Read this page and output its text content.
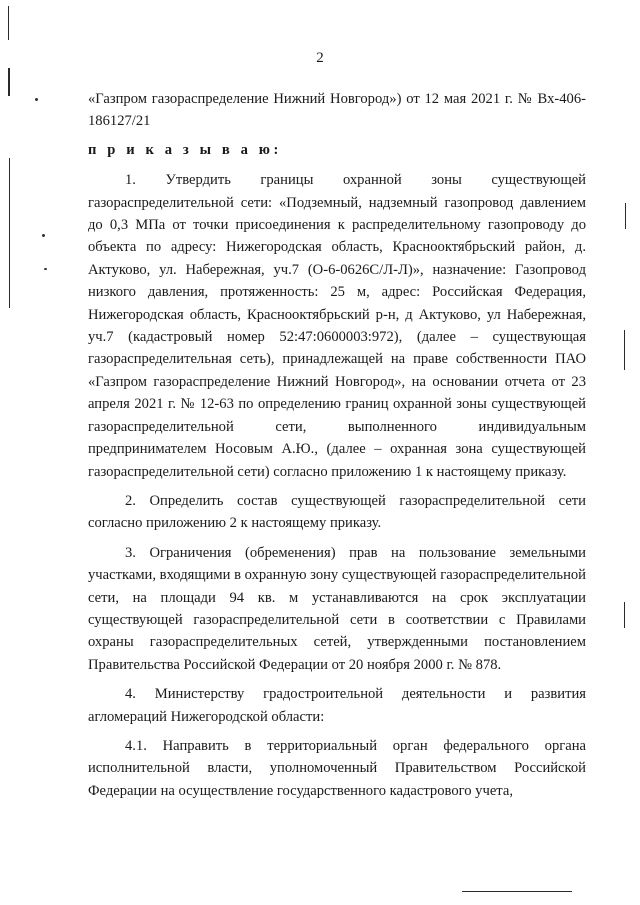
2

«Газпром газораспределение Нижний Новгород») от 12 мая 2021 г. № Вх-406-186127/21

п р и к а з ы в а ю:

1. Утвердить границы охранной зоны существующей газораспределительной сети: «Подземный, надземный газопровод давлением до 0,3 МПа от точки присоединения к распределительному газопроводу до объекта по адресу: Нижегородская область, Краснооктябрьский район, д. Актуково, ул. Набережная, уч.7 (О-6-0626С/Л-Л)», назначение: Газопровод низкого давления, протяженность: 25 м, адрес: Российская Федерация, Нижегородская область, Краснооктябрьский р-н, д Актуково, ул Набережная, уч.7 (кадастровый номер 52:47:0600003:972), (далее – существующая газораспределительная сеть), принадлежащей на праве собственности ПАО «Газпром газораспределение Нижний Новгород», на основании отчета от 23 апреля 2021 г. № 12-63 по определению границ охранной зоны существующей газораспределительной сети, выполненного индивидуальным предпринимателем Носовым А.Ю., (далее – охранная зона существующей газораспределительной сети) согласно приложению 1 к настоящему приказу.

2. Определить состав существующей газораспределительной сети согласно приложению 2 к настоящему приказу.

3. Ограничения (обременения) прав на пользование земельными участками, входящими в охранную зону существующей газораспределительной сети, на площади 94 кв. м устанавливаются на срок эксплуатации существующей газораспределительной сети в соответствии с Правилами охраны газораспределительных сетей, утвержденными постановлением Правительства Российской Федерации от 20 ноября 2000 г. № 878.

4. Министерству градостроительной деятельности и развития агломераций Нижегородской области:

4.1. Направить в территориальный орган федерального органа исполнительной власти, уполномоченный Правительством Российской Федерации на осуществление государственного кадастрового учета,
